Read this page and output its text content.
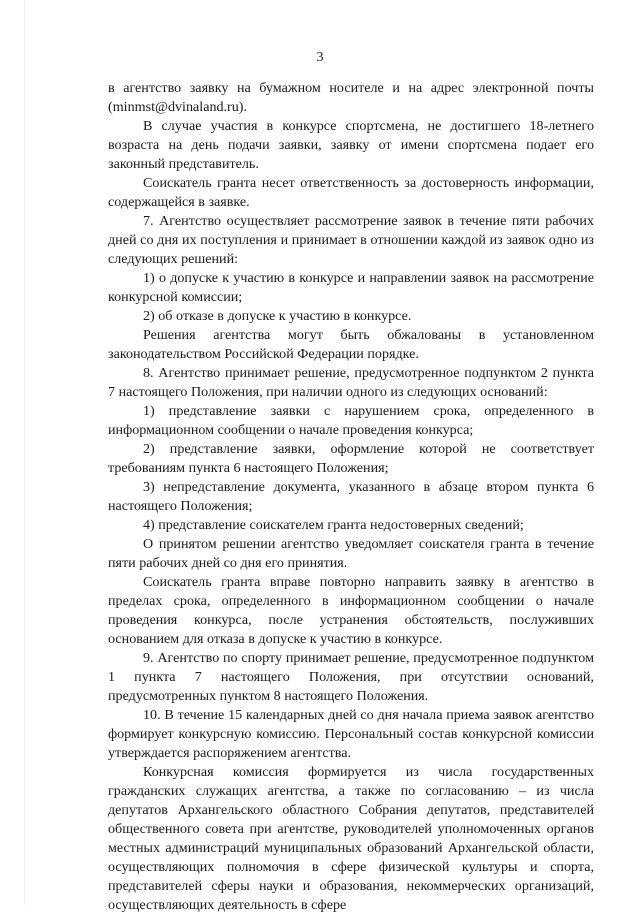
3

в агентство заявку на бумажном носителе и на адрес электронной почты (minmst@dvinaland.ru).

В случае участия в конкурсе спортсмена, не достигшего 18-летнего возраста на день подачи заявки, заявку от имени спортсмена подает его законный представитель.

Соискатель гранта несет ответственность за достоверность информации, содержащейся в заявке.

7. Агентство осуществляет рассмотрение заявок в течение пяти рабочих дней со дня их поступления и принимает в отношении каждой из заявок одно из следующих решений:

1) о допуске к участию в конкурсе и направлении заявок на рассмотрение конкурсной комиссии;

2) об отказе в допуске к участию в конкурсе.

Решения агентства могут быть обжалованы в установленном законодательством Российской Федерации порядке.

8. Агентство принимает решение, предусмотренное подпунктом 2 пункта 7 настоящего Положения, при наличии одного из следующих оснований:

1) представление заявки с нарушением срока, определенного в информационном сообщении о начале проведения конкурса;

2) представление заявки, оформление которой не соответствует требованиям пункта 6 настоящего Положения;

3) непредставление документа, указанного в абзаце втором пункта 6 настоящего Положения;

4) представление соискателем гранта недостоверных сведений;

О принятом решении агентство уведомляет соискателя гранта в течение пяти рабочих дней со дня его принятия.

Соискатель гранта вправе повторно направить заявку в агентство в пределах срока, определенного в информационном сообщении о начале проведения конкурса, после устранения обстоятельств, послуживших основанием для отказа в допуске к участию в конкурсе.

9. Агентство по спорту принимает решение, предусмотренное подпунктом 1 пункта 7 настоящего Положения, при отсутствии оснований, предусмотренных пунктом 8 настоящего Положения.

10. В течение 15 календарных дней со дня начала приема заявок агентство формирует конкурсную комиссию. Персональный состав конкурсной комиссии утверждается распоряжением агентства.

Конкурсная комиссия формируется из числа государственных гражданских служащих агентства, а также по согласованию – из числа депутатов Архангельского областного Собрания депутатов, представителей общественного совета при агентстве, руководителей уполномоченных органов местных администраций муниципальных образований Архангельской области, осуществляющих полномочия в сфере физической культуры и спорта, представителей сферы науки и образования, некоммерческих организаций, осуществляющих деятельность в сфере
